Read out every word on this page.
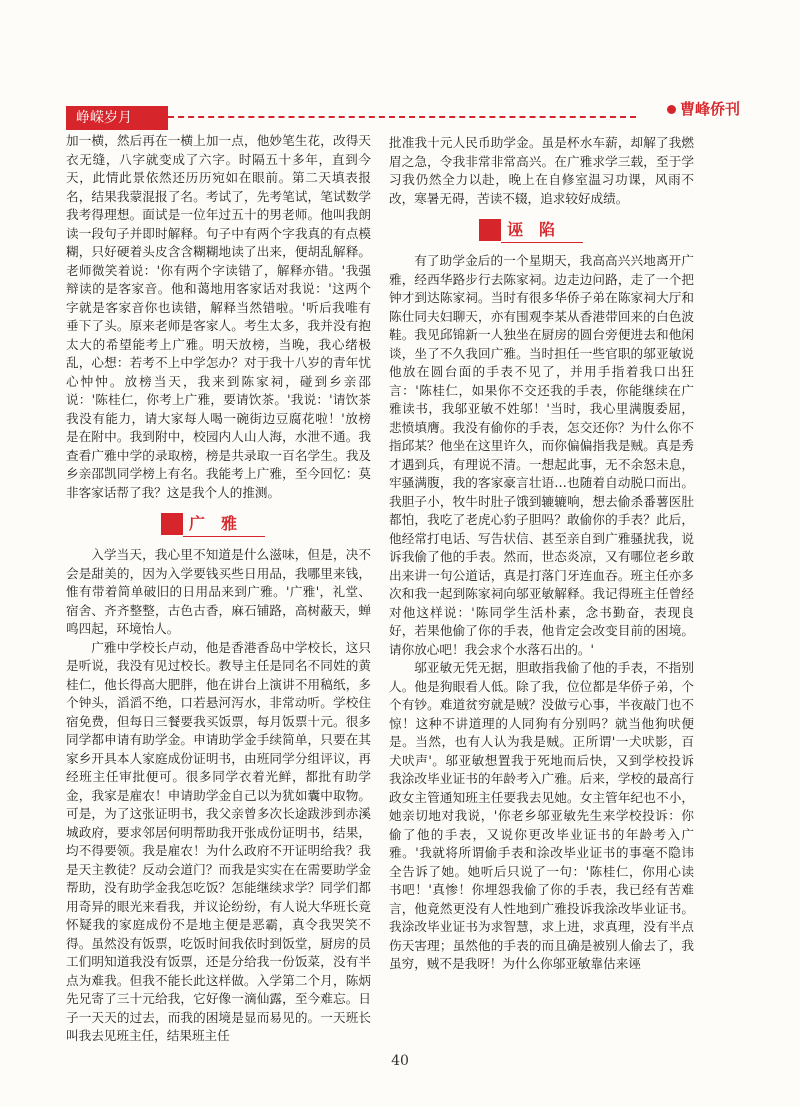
峥嵘岁月	曹峰侨刊

加一横，然后再在一横上加一点，他妙笔生花，改得天衣无缝，八字就变成了六字。时隔五十多年，直到今天，此情此景依然还历历宛如在眼前。第二天填表报名，结果我蒙混报了名。考试了，先考笔试，笔试数学我考得理想。面试是一位年过五十的男老师。他叫我朗读一段句子并即时解释。句子中有两个字我真的有点模糊，只好硬着头皮含含糊糊地读了出来，便胡乱解释。老师微笑着说：'你有两个字读错了，解释亦错。'我强辩读的是客家音。他和蔼地用客家话对我说：'这两个字就是客家音你也读错，解释当然错啦。'听后我唯有垂下了头。原来老师是客家人。考生太多，我并没有抱太大的希望能考上广雅。明天放榜，当晚，我心绪极乱，心想：若考不上中学怎办？对于我十八岁的青年忧心忡忡。放榜当天，我来到陈家祠，碰到乡亲邵说：'陈桂仁，你考上广雅，要请饮茶。'我说：'请饮茶我没有能力，请大家每人喝一碗街边豆腐花啦！'放榜是在附中。我到附中，校园内人山人海，水泄不通。我查看广雅中学的录取榜，榜是共录取一百名学生。我及乡亲邵凯同学榜上有名。我能考上广雅，至今回忆：莫非客家话帮了我？这是我个人的推测。

广　雅

入学当天，我心里不知道是什么滋味，但是，决不会是甜美的，因为入学要钱买些日用品，我哪里来钱，惟有带着简单破旧的日用品来到广雅。'广雅'，礼堂、宿舍、齐齐整整，古色古香，麻石铺路，高树蔽天，蝉鸣四起，环境怡人。

广雅中学校长卢动，他是香港香岛中学校长，这只是听说，我没有见过校长。教导主任是同名不同姓的黄桂仁，他长得高大肥胖，他在讲台上演讲不用稿纸，多个钟头，滔滔不绝，口若悬河泻水，非常动听。学校住宿免费，但每日三餐要我买饭票，每月饭票十元。很多同学都申请有助学金。申请助学金手续简单，只要在其家乡开具本人家庭成份证明书，由班同学分组评议，再经班主任审批便可。很多同学衣着光鲜，都批有助学金，我家是雇农！申请助学金自己以为犹如囊中取物。可是，为了这张证明书，我父亲曾多次长途跋涉到赤溪城政府，要求邻居何明帮助我开张成份证明书，结果，均不得要领。我是雇农！为什么政府不开证明给我？我是天主教徒？反动会道门？而我是实实在在需要助学金帮助，没有助学金我怎吃饭？怎能继续求学？同学们都用奇异的眼光来看我，并议论纷纷，有人说大华班长竟怀疑我的家庭成份不是地主便是恶霸，真令我哭笑不得。虽然没有饭票，吃饭时间我依时到饭堂，厨房的员工们明知道我没有饭票，还是分给我一份饭菜，没有半点为难我。但我不能长此这样做。入学第二个月，陈炳先兄寄了三十元给我，它好像一滴仙露，至今难忘。日子一天天的过去，而我的困境是显而易见的。一天班长叫我去见班主任，结果班主任

批准我十元人民币助学金。虽是杯水车薪，却解了我燃眉之急，令我非常非常高兴。在广雅求学三载，至于学习我仍然全力以赴，晚上在自修室温习功课，风雨不改，寒暑无碍，苦读不辍，追求较好成绩。

诬　陷

有了助学金后的一个星期天，我高高兴兴地离开广雅，经西华路步行去陈家祠。边走边问路，走了一个把钟才到达陈家祠。当时有很多华侨子弟在陈家祠大厅和陈仕同夫妇聊天，亦有围观李某从香港带回来的白色波鞋。我见邱锦新一人独坐在厨房的圆台旁便进去和他闲谈，坐了不久我回广雅。当时担任一些官职的邬亚敏说他放在圆台面的手表不见了，并用手指着我口出狂言：'陈桂仁，如果你不交还我的手表，你能继续在广雅读书，我邬亚敏不姓邬！'当时，我心里满腹委屈，悲愤填膺。我没有偷你的手表，怎交还你？为什么你不指邱某？他坐在这里许久，而你偏偏指我是贼。真是秀才遇到兵，有理说不清。一想起此事，无不余怒未息，牢骚满腹，我的客家豪言壮语…也随着自动脱口而出。我胆子小，牧牛时肚子饿到辘辘响，想去偷杀番薯医肚都怕，我吃了老虎心豹子胆吗？敢偷你的手表？此后，他经常打电话、写告状信、甚至亲自到广雅骚扰我，说诉我偷了他的手表。然而，世态炎凉，又有哪位老乡敢出来讲一句公道话，真是打落门牙连血吞。班主任亦多次和我一起到陈家祠向邬亚敏解释。我记得班主任曾经对他这样说：'陈同学生活朴素，念书勤奋，表现良好，若果他偷了你的手表，他肯定会改变目前的困境。请你放心吧！我会求个水落石出的。'

邬亚敏无凭无据，胆敢指我偷了他的手表，不指别人。他是狗眼看人低。除了我，位位都是华侨子弟，个个有钞。难道贫穷就是贼？没做亏心事，半夜敲门也不惊！这种不讲道理的人同狗有分别吗？就当他狗吠便是。当然，也有人认为我是贼。正所谓'一犬吠影，百犬吠声'。邬亚敏想置我于死地而后快，又到学校投诉我涂改毕业证书的年龄考入广雅。后来，学校的最高行政女主管通知班主任要我去见她。女主管年纪也不小，她亲切地对我说，'你老乡邬亚敏先生来学校投诉：你偷了他的手表，又说你更改毕业证书的年龄考入广雅。'我就将所谓偷手表和涂改毕业证书的事毫不隐讳全告诉了她。她听后只说了一句：'陈桂仁，你用心读书吧！'真惨！你埋怨我偷了你的手表，我已经有苦难言，他竟然更没有人性地到广雅投诉我涂改毕业证书。我涂改毕业证书为求智慧，求上进，求真理，没有半点伤天害理；虽然他的手表的而且确是被别人偷去了，我虽穷，贼不是我呀！为什么你邬亚敏靠估来诬

40
